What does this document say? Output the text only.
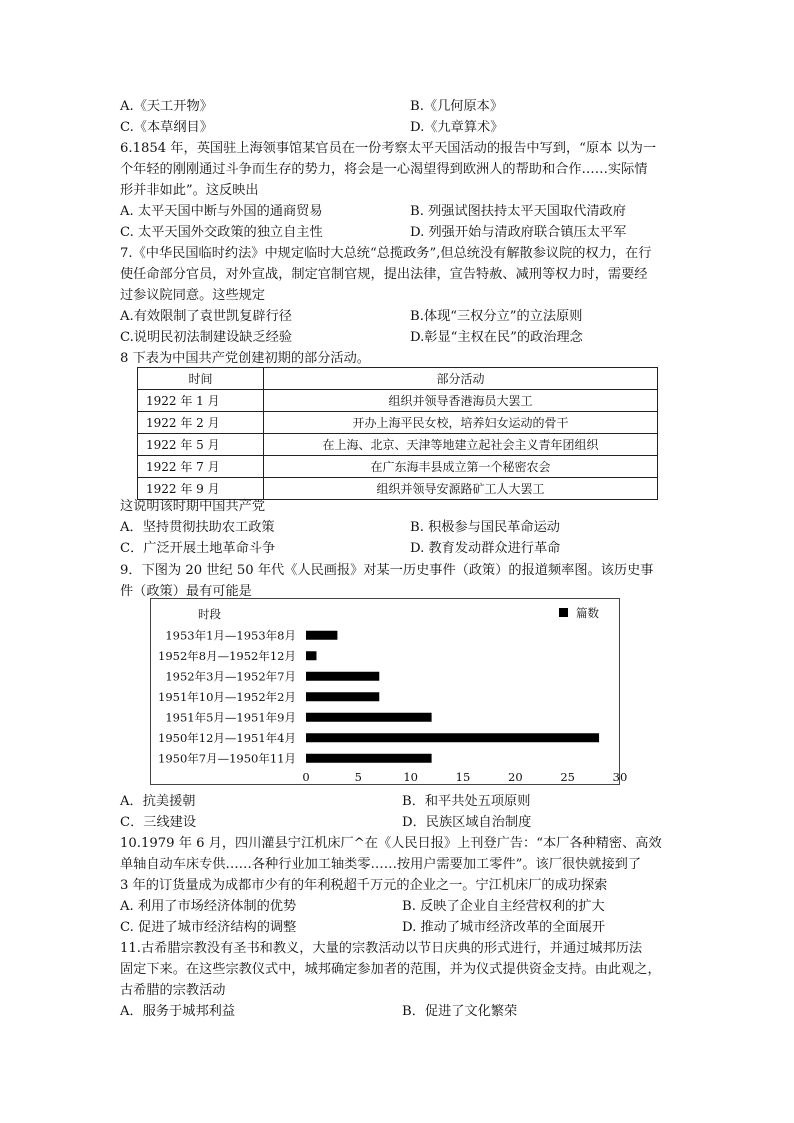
A.《天工开物》	B.《几何原本》
C.《本草纲目》	D.《九章算术》
6.1854 年，英国驻上海领事馆某官员在一份考察太平天国活动的报告中写到，“原本 以为一
个年轻的刚刚通过斗争而生存的势力，将会是一心渴望得到欧洲人的帮助和合作……实际情
形并非如此”。这反映出
A. 太平天国中断与外国的通商贸易	B. 列强试图扶持太平天国取代清政府
C. 太平天国外交政策的独立自主性	D. 列强开始与清政府联合镇压太平军
7.《中华民国临时约法》中规定临时大总统“总揽政务”,但总统没有解散参议院的权力，在行
使任命部分官员，对外宣战，制定官制官规，提出法律，宣告特赦、减刑等权力时，需要经
过参议院同意。这些规定
A.有效限制了袁世凯复辟行径	B.体现“三权分立”的立法原则
C.说明民初法制建设缺乏经验	D.彰显“主权在民”的政治理念
8 下表为中国共产党创建初期的部分活动。
这说明该时期中国共产党
A．坚持贯彻扶助农工政策	B. 积极参与国民革命运动
C．广泛开展土地革命斗争	D. 教育发动群众进行革命
9．下图为 20 世纪 50 年代《人民画报》对某一历史事件（政策）的报道频率图。该历史事
件（政策）最有可能是
A．抗美援朝	B．和平共处五项原则
C．三线建设	D．民族区域自治制度
10.1979 年 6 月，四川灌县宁江机床厂^在《人民日报》上刊登广告：“本厂各种精密、高效
单轴自动车床专供……各种行业加工轴类零……按用户需要加工零件”。该厂很快就接到了
3 年的订货量成为成都市少有的年利税超千万元的企业之一。宁江机床厂的成功探索
A. 利用了市场经济体制的优势	B. 反映了企业自主经营权利的扩大
C. 促进了城市经济结构的调整	D. 推动了城市经济改革的全面展开
11.古希腊宗教没有圣书和教义，大量的宗教活动以节日庆典的形式进行，并通过城邦历法
固定下来。在这些宗教仪式中，城邦确定参加者的范围，并为仪式提供资金支持。由此观之，
古希腊的宗教活动
A．服务于城邦利益	B．促进了文化繁荣
时间	部分活动
1922 年 1 月	组织并领导香港海员大罢工
1922 年 2 月	开办上海平民女校，培养妇女运动的骨干
1922 年 5 月	在上海、北京、天津等地建立起社会主义青年团组织
1922 年 7 月	在广东海丰县成立第一个秘密农会
1922 年 9 月	组织并领导安源路矿工人大罢工
时段	篇数
1953年1月—1953年8月
1952年8月—1952年12月
1952年3月—1952年7月
1951年10月—1952年2月
1951年5月—1951年9月
1950年12月—1951年4月
1950年7月—1950年11月
0	5	10	15	20	25	30
